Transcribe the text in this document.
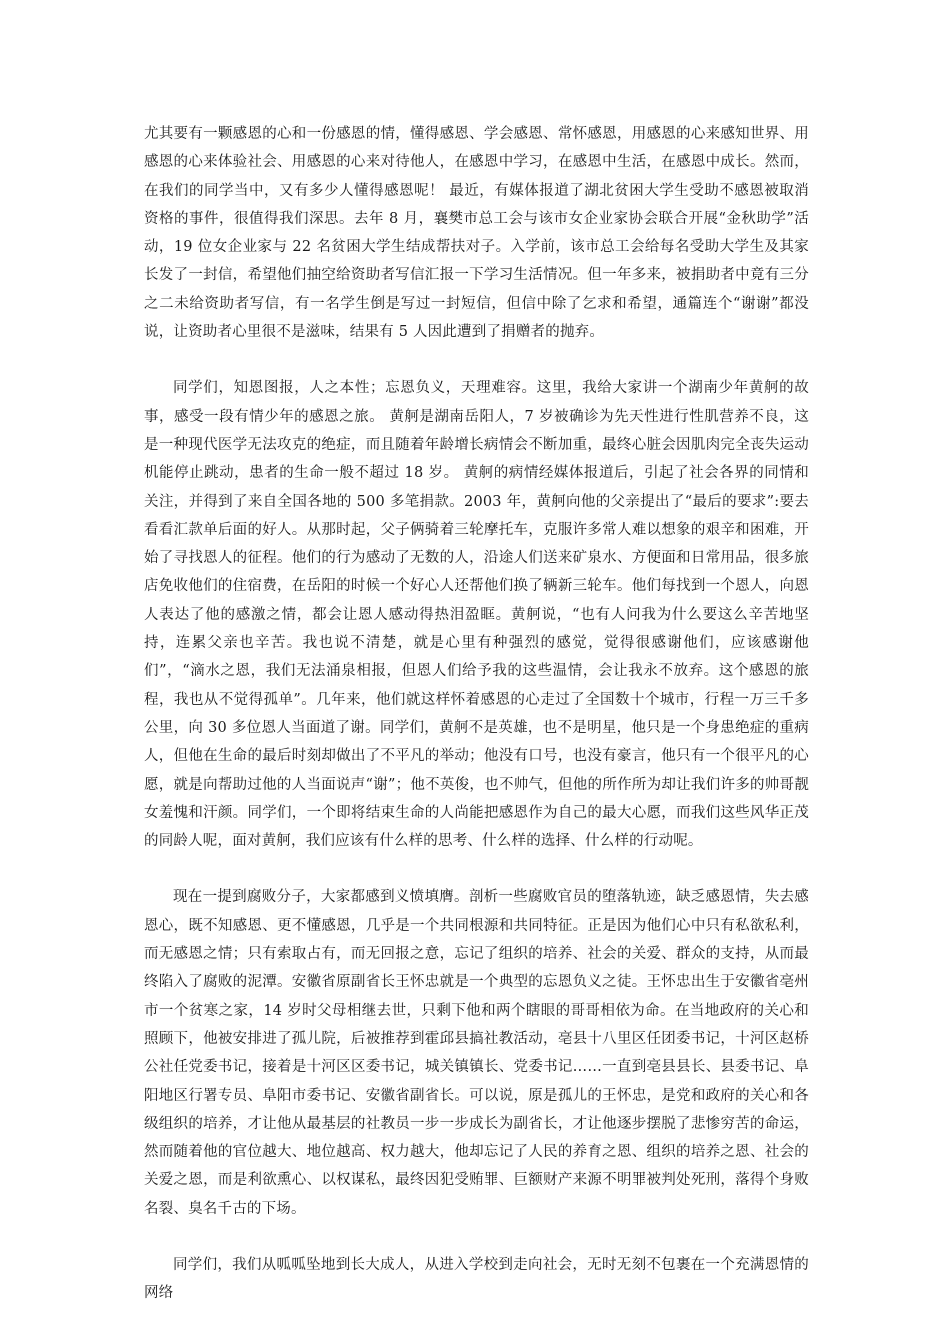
尤其要有一颗感恩的心和一份感恩的情，懂得感恩、学会感恩、常怀感恩，用感恩的心来感知世界、用感恩的心来体验社会、用感恩的心来对待他人，在感恩中学习，在感恩中生活，在感恩中成长。然而，在我们的同学当中，又有多少人懂得感恩呢！ 最近，有媒体报道了湖北贫困大学生受助不感恩被取消资格的事件，很值得我们深思。去年 8 月，襄樊市总工会与该市女企业家协会联合开展“金秋助学”活动，19 位女企业家与 22 名贫困大学生结成帮扶对子。入学前，该市总工会给每名受助大学生及其家长发了一封信，希望他们抽空给资助者写信汇报一下学习生活情况。但一年多来，被捐助者中竟有三分之二未给资助者写信，有一名学生倒是写过一封短信，但信中除了乞求和希望，通篇连个“谢谢”都没说，让资助者心里很不是滋味，结果有 5 人因此遭到了捐赠者的抛弃。

同学们，知恩图报，人之本性；忘恩负义，天理难容。这里，我给大家讲一个湖南少年黄舸的故事，感受一段有情少年的感恩之旅。 黄舸是湖南岳阳人，7 岁被确诊为先天性进行性肌营养不良，这是一种现代医学无法攻克的绝症，而且随着年龄增长病情会不断加重，最终心脏会因肌肉完全丧失运动机能停止跳动，患者的生命一般不超过 18 岁。 黄舸的病情经媒体报道后，引起了社会各界的同情和关注，并得到了来自全国各地的 500 多笔捐款。2003 年，黄舸向他的父亲提出了“最后的要求”:要去看看汇款单后面的好人。从那时起，父子俩骑着三轮摩托车，克服许多常人难以想象的艰辛和困难，开始了寻找恩人的征程。他们的行为感动了无数的人，沿途人们送来矿泉水、方便面和日常用品，很多旅店免收他们的住宿费，在岳阳的时候一个好心人还帮他们换了辆新三轮车。他们每找到一个恩人，向恩人表达了他的感激之情，都会让恩人感动得热泪盈眶。黄舸说，“也有人问我为什么要这么辛苦地坚持，连累父亲也辛苦。我也说不清楚，就是心里有种强烈的感觉，觉得很感谢他们，应该感谢他们”，“滴水之恩，我们无法涌泉相报，但恩人们给予我的这些温情，会让我永不放弃。这个感恩的旅程，我也从不觉得孤单”。几年来，他们就这样怀着感恩的心走过了全国数十个城市，行程一万三千多公里，向 30 多位恩人当面道了谢。同学们，黄舸不是英雄，也不是明星，他只是一个身患绝症的重病人，但他在生命的最后时刻却做出了不平凡的举动；他没有口号，也没有豪言，他只有一个很平凡的心愿，就是向帮助过他的人当面说声“谢”；他不英俊，也不帅气，但他的所作所为却让我们许多的帅哥靓女羞愧和汗颜。同学们，一个即将结束生命的人尚能把感恩作为自己的最大心愿，而我们这些风华正茂的同龄人呢，面对黄舸，我们应该有什么样的思考、什么样的选择、什么样的行动呢。

现在一提到腐败分子，大家都感到义愤填膺。剖析一些腐败官员的堕落轨迹，缺乏感恩情，失去感恩心，既不知感恩、更不懂感恩，几乎是一个共同根源和共同特征。正是因为他们心中只有私欲私利，而无感恩之情；只有索取占有，而无回报之意，忘记了组织的培养、社会的关爱、群众的支持，从而最终陷入了腐败的泥潭。安徽省原副省长王怀忠就是一个典型的忘恩负义之徒。王怀忠出生于安徽省亳州市一个贫寒之家，14 岁时父母相继去世，只剩下他和两个瞎眼的哥哥相依为命。在当地政府的关心和照顾下，他被安排进了孤儿院，后被推荐到霍邱县搞社教活动，亳县十八里区任团委书记，十河区赵桥公社任党委书记，接着是十河区区委书记，城关镇镇长、党委书记……一直到亳县县长、县委书记、阜阳地区行署专员、阜阳市委书记、安徽省副省长。可以说，原是孤儿的王怀忠，是党和政府的关心和各级组织的培养，才让他从最基层的社教员一步一步成长为副省长，才让他逐步摆脱了悲惨穷苦的命运，然而随着他的官位越大、地位越高、权力越大，他却忘记了人民的养育之恩、组织的培养之恩、社会的关爱之恩，而是利欲熏心、以权谋私，最终因犯受贿罪、巨额财产来源不明罪被判处死刑，落得个身败名裂、臭名千古的下场。

同学们，我们从呱呱坠地到长大成人，从进入学校到走向社会，无时无刻不包裹在一个充满恩情的网络
